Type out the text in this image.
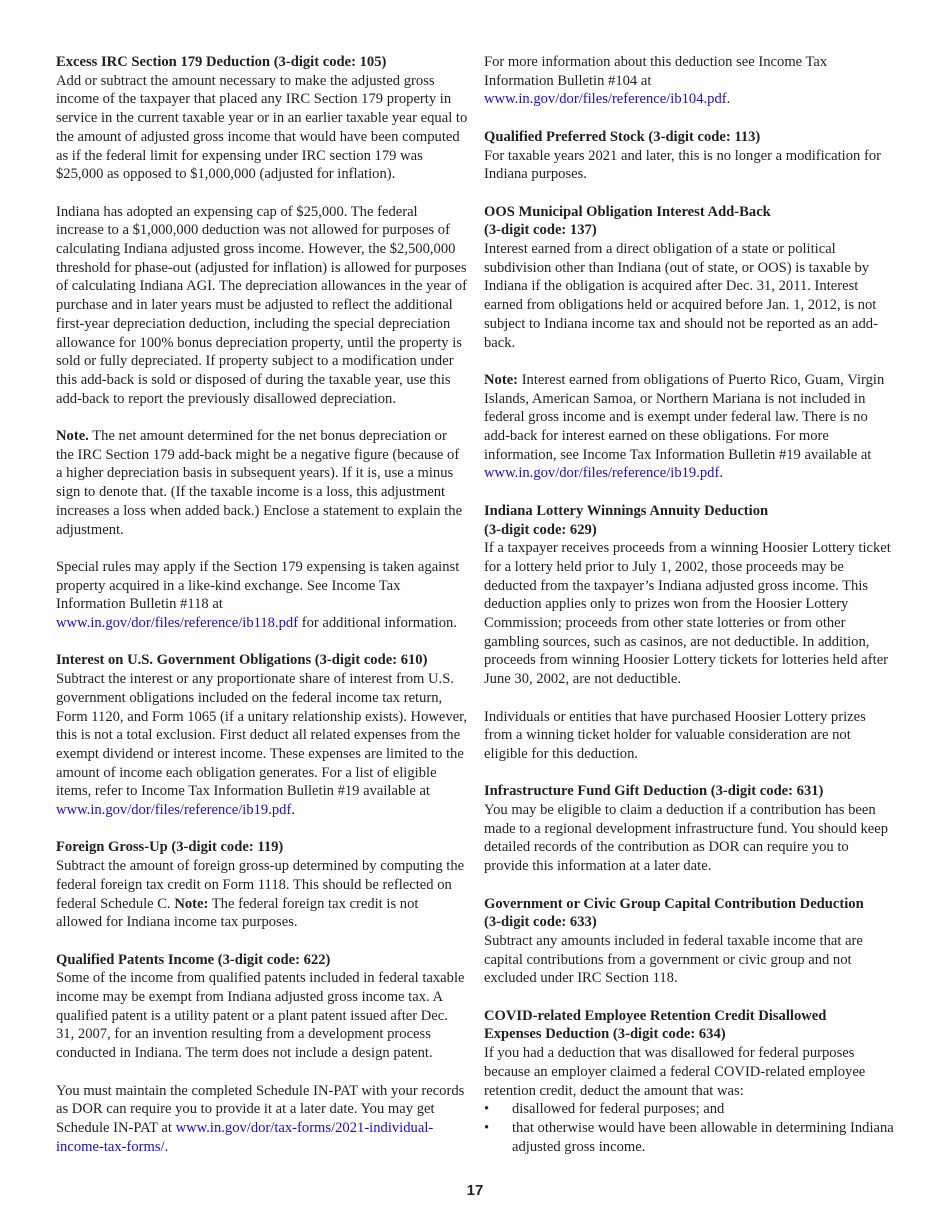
Excess IRC Section 179 Deduction (3-digit code: 105)

Add or subtract the amount necessary to make the adjusted gross income of the taxpayer that placed any IRC Section 179 property in service in the current taxable year or in an earlier taxable year equal to the amount of adjusted gross income that would have been computed as if the federal limit for expensing under IRC section 179 was $25,000 as opposed to $1,000,000 (adjusted for inflation).

Indiana has adopted an expensing cap of $25,000. The federal increase to a $1,000,000 deduction was not allowed for purposes of calculating Indiana adjusted gross income. However, the $2,500,000 threshold for phase-out (adjusted for inflation) is allowed for purposes of calculating Indiana AGI. The depreciation allowances in the year of purchase and in later years must be adjusted to reflect the additional first-year depreciation deduction, including the special depreciation allowance for 100% bonus depreciation property, until the property is sold or fully depreciated. If property subject to a modification under this add-back is sold or disposed of during the taxable year, use this add-back to report the previously disallowed depreciation.

Note. The net amount determined for the net bonus depreciation or the IRC Section 179 add-back might be a negative figure (because of a higher depreciation basis in subsequent years). If it is, use a minus sign to denote that. (If the taxable income is a loss, this adjustment increases a loss when added back.) Enclose a statement to explain the adjustment.

Special rules may apply if the Section 179 expensing is taken against property acquired in a like-kind exchange. See Income Tax Information Bulletin #118 at www.in.gov/dor/files/reference/ib118.pdf for additional information.

Interest on U.S. Government Obligations (3-digit code: 610)

Subtract the interest or any proportionate share of interest from U.S. government obligations included on the federal income tax return, Form 1120, and Form 1065 (if a unitary relationship exists). However, this is not a total exclusion. First deduct all related expenses from the exempt dividend or interest income. These expenses are limited to the amount of income each obligation generates. For a list of eligible items, refer to Income Tax Information Bulletin #19 available at www.in.gov/dor/files/reference/ib19.pdf.

Foreign Gross-Up (3-digit code: 119)

Subtract the amount of foreign gross-up determined by computing the federal foreign tax credit on Form 1118. This should be reflected on federal Schedule C. Note: The federal foreign tax credit is not allowed for Indiana income tax purposes.

Qualified Patents Income (3-digit code: 622)

Some of the income from qualified patents included in federal taxable income may be exempt from Indiana adjusted gross income tax. A qualified patent is a utility patent or a plant patent issued after Dec. 31, 2007, for an invention resulting from a development process conducted in Indiana. The term does not include a design patent.

You must maintain the completed Schedule IN-PAT with your records as DOR can require you to provide it at a later date. You may get Schedule IN-PAT at www.in.gov/dor/tax-forms/2021-individual-income-tax-forms/.

For more information about this deduction see Income Tax Information Bulletin #104 at www.in.gov/dor/files/reference/ib104.pdf.

Qualified Preferred Stock (3-digit code: 113)

For taxable years 2021 and later, this is no longer a modification for Indiana purposes.

OOS Municipal Obligation Interest Add-Back
(3-digit code: 137)

Interest earned from a direct obligation of a state or political subdivision other than Indiana (out of state, or OOS) is taxable by Indiana if the obligation is acquired after Dec. 31, 2011. Interest earned from obligations held or acquired before Jan. 1, 2012, is not subject to Indiana income tax and should not be reported as an add-back.

Note: Interest earned from obligations of Puerto Rico, Guam, Virgin Islands, American Samoa, or Northern Mariana is not included in federal gross income and is exempt under federal law. There is no add-back for interest earned on these obligations. For more information, see Income Tax Information Bulletin #19 available at www.in.gov/dor/files/reference/ib19.pdf.

Indiana Lottery Winnings Annuity Deduction
(3-digit code: 629)

If a taxpayer receives proceeds from a winning Hoosier Lottery ticket for a lottery held prior to July 1, 2002, those proceeds may be deducted from the taxpayer’s Indiana adjusted gross income. This deduction applies only to prizes won from the Hoosier Lottery Commission; proceeds from other state lotteries or from other gambling sources, such as casinos, are not deductible. In addition, proceeds from winning Hoosier Lottery tickets for lotteries held after June 30, 2002, are not deductible.

Individuals or entities that have purchased Hoosier Lottery prizes from a winning ticket holder for valuable consideration are not eligible for this deduction.

Infrastructure Fund Gift Deduction (3-digit code: 631)

You may be eligible to claim a deduction if a contribution has been made to a regional development infrastructure fund. You should keep detailed records of the contribution as DOR can require you to provide this information at a later date.

Government or Civic Group Capital Contribution Deduction
(3-digit code: 633)

Subtract any amounts included in federal taxable income that are capital contributions from a government or civic group and not excluded under IRC Section 118.

COVID-related Employee Retention Credit Disallowed
Expenses Deduction (3-digit code: 634)

If you had a deduction that was disallowed for federal purposes because an employer claimed a federal COVID-related employee retention credit, deduct the amount that was:

•	disallowed for federal purposes; and
•	that otherwise would have been allowable in determining Indiana adjusted gross income.
17
